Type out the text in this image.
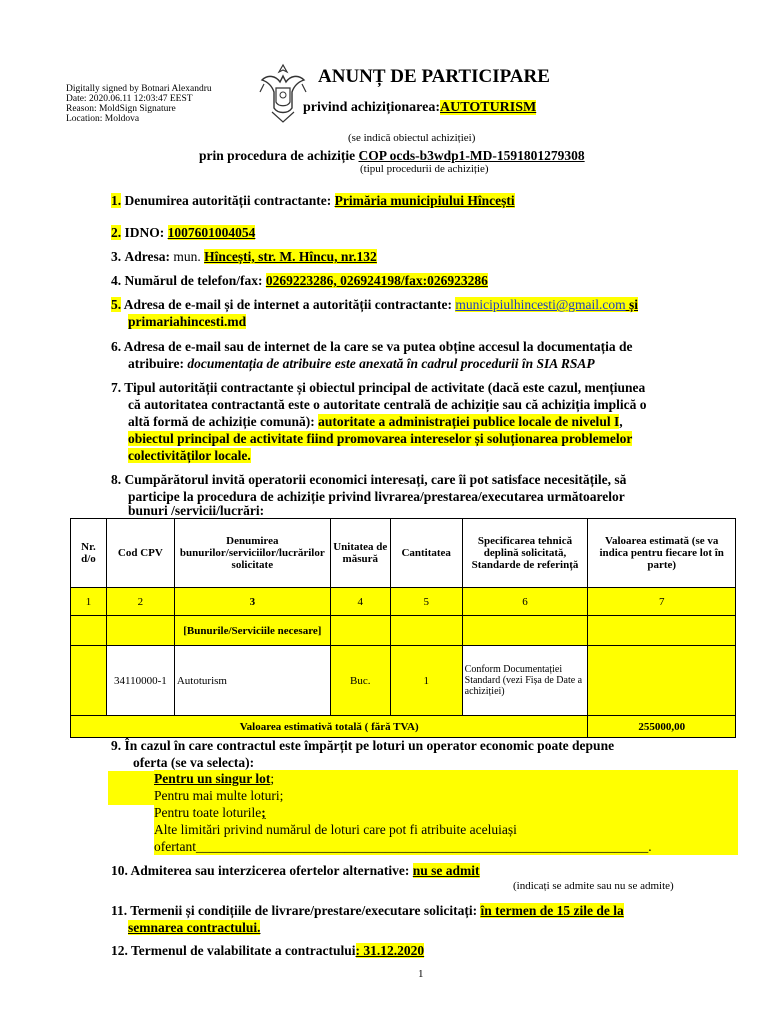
Digitally signed by Botnari Alexandru
Date: 2020.06.11 12:03:47 EEST
Reason: MoldSign Signature
Location: Moldova
ANUNȚ DE PARTICIPARE
privind achiziționarea:AUTOTURISM
(se indică obiectul achiziției)
prin procedura de achiziție COP ocds-b3wdp1-MD-1591801279308
(tipul procedurii de achiziție)
1. Denumirea autorității contractante: Primăria municipiului Hîncești
2. IDNO: 1007601004054
3. Adresa: mun. Hîncești, str. M. Hîncu, nr.132
4. Numărul de telefon/fax: 0269223286, 026924198/fax:026923286
5. Adresa de e-mail și de internet a autorității contractante: municipiulhincesti@gmail.com și
primariahincesti.md
6. Adresa de e-mail sau de internet de la care se va putea obține accesul la documentația de
atribuire: documentația de atribuire este anexată în cadrul procedurii în SIA RSAP
7. Tipul autorității contractante și obiectul principal de activitate (dacă este cazul, mențiunea
că autoritatea contractantă este o autoritate centrală de achiziție sau că achiziția implică o
altă formă de achiziție comună): autoritate a administrației publice locale de nivelul I,
obiectul principal de activitate fiind promovarea intereselor și soluționarea problemelor
colectivităților locale.
8. Cumpărătorul invită operatorii economici interesați, care îi pot satisface necesitățile, să
participe la procedura de achiziție privind livrarea/prestarea/executarea următoarelor
bunuri /servicii/lucrări:
Nr. d/o	Cod CPV	Denumirea bunurilor/serviciilor/lucrărilor solicitate	Unitatea de măsură	Cantitatea	Specificarea tehnică deplină solicitată, Standarde de referință	Valoarea estimată (se va indica pentru fiecare lot în parte)
1	2	3	4	5	6	7
		[Bunurile/Serviciile necesare]				
	34110000-1	Autoturism	Buc.	1	Conform Documentației Standard (vezi Fișa de Date a achiziției)	
Valoarea estimativă totală ( fără TVA)						255000,00
9. În cazul în care contractul este împărțit pe loturi un operator economic poate depune
oferta (se va selecta):
Pentru un singur lot;
Pentru mai multe loturi;
Pentru toate loturile;
Alte limitări privind numărul de loturi care pot fi atribuite aceluiași
ofertant___________________________________________________________________.
10. Admiterea sau interzicerea ofertelor alternative: nu se admit
(indicați se admite sau nu se admite)
11. Termenii și condițiile de livrare/prestare/executare solicitați: în termen de 15 zile de la
semnarea contractului.
12. Termenul de valabilitate a contractului: 31.12.2020
1
